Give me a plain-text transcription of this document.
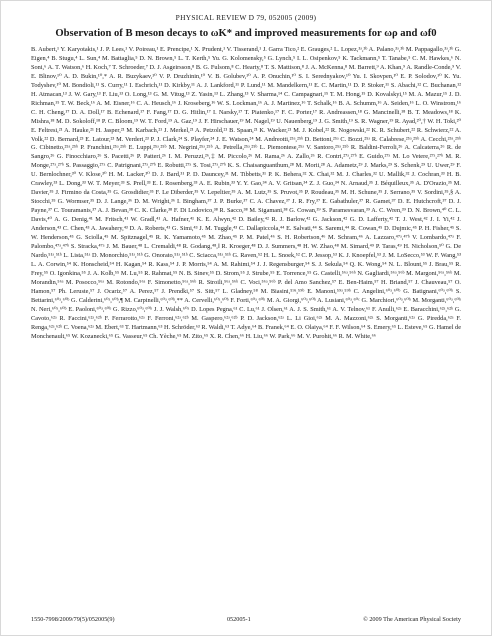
PHYSICAL REVIEW D 79, 052005 (2009)
Observation of B meson decays to ωK* and improved measurements for ωρ and ωf0
B. Aubert,¹ Y. Karyotakis,¹ J. P. Lees,¹ V. Poireau,¹ E. Prencipe,¹ X. Prudent,¹ V. Tisserand,¹ J. Garra Tico,² E. Grauges,² L. Lopez,³ᵃ,³ᵇ A. Palano,³ᵃ,³ᵇ M. Pappagallo,³ᵃ,³ᵇ G. Eigen,⁴ B. Stugu,⁴ L. Sun,⁴ M. Battaglia,⁵ D. N. Brown,⁵ L. T. Kerth,⁵ Yu. G. Kolomensky,⁵ G. Lynch,⁵ I. L. Osipenkov,⁵ K. Tackmann,⁵ T. Tanabe,⁵ C. M. Hawkes,⁶ N. Soni,⁶ A. T. Watson,⁶ H. Koch,⁷ T. Schroeder,⁷ D. J. Asgeirsson,⁸ B. G. Fulsom,⁸ C. Hearty,⁸ T. S. Mattison,⁸ J. A. McKenna,⁸ M. Barrett,⁹ A. Khan,⁹ A. Randle-Conde,⁹ V. E. Blinov,¹⁰ A. D. Bukin,¹⁰,* A. R. Buzykaev,¹⁰ V. P. Druzhinin,¹⁰ V. B. Golubev,¹⁰ A. P. Onuchin,¹⁰ S. I. Serednyakov,¹⁰ Yu. I. Skovpen,¹⁰ E. P. Solodov,¹⁰ K. Yu. Todyshev,¹⁰ M. Bondioli,¹¹ S. Curry,¹¹ I. Eschrich,¹¹ D. Kirkby,¹¹ A. J. Lankford,¹¹ P. Lund,¹¹ M. Mandelkern,¹¹ E. C. Martin,¹¹ D. P. Stoker,¹¹ S. Abachi,¹² C. Buchanan,¹² H. Atmacan,¹³ J. W. Gary,¹³ F. Liu,¹³ O. Long,¹³ G. M. Vitug,¹³ Z. Yasin,¹³ L. Zhang,¹³ V. Sharma,¹⁴ C. Campagnari,¹⁵ T. M. Hong,¹⁵ D. Kovalskyi,¹⁵ M. A. Mazur,¹⁵ J. D. Richman,¹⁵ T. W. Beck,¹⁶ A. M. Eisner,¹⁶ C. A. Heusch,¹⁶ J. Kroseberg,¹⁶ W. S. Lockman,¹⁶ A. J. Martinez,¹⁶ T. Schalk,¹⁶ B. A. Schumm,¹⁶ A. Seiden,¹⁶ L. O. Winstrom,¹⁶ C. H. Cheng,¹⁷ D. A. Doll,¹⁷ B. Echenard,¹⁷ F. Fang,¹⁷ D. G. Hitlin,¹⁷ I. Narsky,¹⁷ T. Piatenko,¹⁷ F. C. Porter,¹⁷ R. Andreassen,¹⁸ G. Mancinelli,¹⁸ B. T. Meadows,¹⁸ K. Mishra,¹⁸ M. D. Sokoloff,¹⁸ P. C. Bloom,¹⁹ W. T. Ford,¹⁹ A. Gaz,¹⁹ J. F. Hirschauer,¹⁹ M. Nagel,¹⁹ U. Nauenberg,¹⁹ J. G. Smith,¹⁹ S. R. Wagner,¹⁹ R. Ayad,²⁰,† W. H. Toki,²⁰ E. Feltresi,²¹ A. Hauke,²¹ H. Jasper,²¹ M. Karbach,²¹ J. Merkel,²¹ A. Petzold,²¹ B. Spaan,²¹ K. Wacker,²¹ M. J. Kobel,²² R. Nogowski,²² K. R. Schubert,²² R. Schwierz,²² A. Volk,²² D. Bernard,²³ E. Latour,²³ M. Verderi,²³ P. J. Clark,²⁴ S. Playfer,²⁴ J. E. Watson,²⁴ M. Andreotti,²⁵ᵃ,²⁵ᵇ D. Bettoni,²⁵ᵃ C. Bozzi,²⁵ᵃ R. Calabrese,²⁵ᵃ,²⁵ᵇ A. Cecchi,²⁵ᵃ,²⁵ᵇ G. Cibinetto,²⁵ᵃ,²⁵ᵇ P. Franchini,²⁵ᵃ,²⁵ᵇ E. Luppi,²⁵ᵃ,²⁵ᵇ M. Negrini,²⁵ᵃ,²⁵ᵇ A. Petrella,²⁵ᵃ,²⁵ᵇ L. Piemontese,²⁵ᵃ V. Santoro,²⁵ᵃ,²⁵ᵇ R. Baldini-Ferroli,²⁶ A. Calcaterra,²⁶ R. de Sangro,²⁶ G. Finocchiaro,²⁶ S. Pacetti,²⁶ P. Patteri,²⁶ I. M. Peruzzi,²⁶,‡ M. Piccolo,²⁶ M. Rama,²⁶ A. Zallo,²⁶ R. Contri,²⁷ᵃ,²⁷ᵇ E. Guido,²⁷ᵃ M. Lo Vetere,²⁷ᵃ,²⁷ᵇ M. R. Monge,²⁷ᵃ,²⁷ᵇ S. Passaggio,²⁷ᵃ C. Patrignani,²⁷ᵃ,²⁷ᵇ E. Robutti,²⁷ᵃ S. Tosi,²⁷ᵃ,²⁷ᵇ K. S. Chaisanguanthum,²⁸ M. Morii,²⁸ A. Adametz,²⁹ J. Marks,²⁹ S. Schenk,²⁹ U. Uwer,²⁹ F. U. Bernlochner,³⁰ V. Klose,³⁰ H. M. Lacker,³⁰ D. J. Bard,³¹ P. D. Dauncey,³¹ M. Tibbetts,³¹ P. K. Behera,³² X. Chai,³² M. J. Charles,³² U. Mallik,³² J. Cochran,³³ H. B. Crawley,³³ L. Dong,³³ W. T. Meyer,³³ S. Prell,³³ E. I. Rosenberg,³³ A. E. Rubin,³³ Y. Y. Gao,³⁴ A. V. Gritsan,³⁴ Z. J. Guo,³⁴ N. Arnaud,³⁵ J. Béquilleux,³⁵ A. D'Orazio,³⁵ M. Davier,³⁵ J. Firmino da Costa,³⁵ G. Grosdidier,³⁵ F. Le Diberder,³⁵ V. Lepeltier,³⁵ A. M. Lutz,³⁵ S. Pruvot,³⁵ P. Roudeau,³⁵ M. H. Schune,³⁵ J. Serrano,³⁵ V. Sordini,³⁵,§ A. Stocchi,³⁵ G. Wormser,³⁵ D. J. Lange,³⁶ D. M. Wright,³⁶ I. Bingham,³⁷ J. P. Burke,³⁷ C. A. Chavez,³⁷ J. R. Fry,³⁷ E. Gabathuler,³⁷ R. Gamet,³⁷ D. E. Hutchcroft,³⁷ D. J. Payne,³⁷ C. Touramanis,³⁷ A. J. Bevan,³⁸ C. K. Clarke,³⁸ F. Di Lodovico,³⁸ R. Sacco,³⁸ M. Sigamani,³⁸ G. Cowan,³⁹ S. Paramesvaran,³⁹ A. C. Wren,³⁹ D. N. Brown,⁴⁰ C. L. Davis,⁴⁰ A. G. Denig,⁴¹ M. Fritsch,⁴¹ W. Gradl,⁴¹ A. Hafner,⁴¹ K. E. Alwyn,⁴² D. Bailey,⁴² R. J. Barlow,⁴² G. Jackson,⁴² G. D. Lafferty,⁴² T. J. West,⁴² J. I. Yi,⁴² J. Anderson,⁴³ C. Chen,⁴³ A. Jawahery,⁴³ D. A. Roberts,⁴³ G. Simi,⁴³ J. M. Tuggle,⁴³ C. Dallapiccola,⁴⁴ E. Salvati,⁴⁴ S. Saremi,⁴⁴ R. Cowan,⁴⁵ D. Dujmic,⁴⁵ P. H. Fisher,⁴⁵ S. W. Henderson,⁴⁵ G. Sciolla,⁴⁵ M. Spitznagel,⁴⁵ R. K. Yamamoto,⁴⁵ M. Zhao,⁴⁵ P. M. Patel,⁴⁶ S. H. Robertson,⁴⁶ M. Schram,⁴⁶ A. Lazzaro,⁴⁷ᵃ,⁴⁷ᵇ V. Lombardo,⁴⁷ᵃ F. Palombo,⁴⁷ᵃ,⁴⁷ᵇ S. Stracka,⁴⁷ᵃ J. M. Bauer,⁴⁸ L. Cremaldi,⁴⁸ R. Godang,⁴⁸,‖ R. Kroeger,⁴⁸ D. J. Summers,⁴⁸ H. W. Zhao,⁴⁸ M. Simard,⁴⁹ P. Taras,⁴⁹ H. Nicholson,⁵⁰ G. De Nardo,⁵¹ᵃ,⁵¹ᵇ L. Lista,⁵¹ᵃ D. Monorchio,⁵¹ᵃ,⁵¹ᵇ G. Onorato,⁵¹ᵃ,⁵¹ᵇ C. Sciacca,⁵¹ᵃ,⁵¹ᵇ G. Raven,⁵² H. L. Snoek,⁵² C. P. Jessop,⁵³ K. J. Knoepfel,⁵³ J. M. LoSecco,⁵³ W. F. Wang,⁵³ L. A. Corwin,⁵⁴ K. Honscheid,⁵⁴ H. Kagan,⁵⁴ R. Kass,⁵⁴ J. P. Morris,⁵⁴ A. M. Rahimi,⁵⁴ J. J. Regensburger,⁵⁴ S. J. Sekula,⁵⁴ Q. K. Wong,⁵⁴ N. L. Blount,⁵⁵ J. Brau,⁵⁵ R. Frey,⁵⁵ O. Igonkina,⁵⁵ J. A. Kolb,⁵⁵ M. Lu,⁵⁵ R. Rahmat,⁵⁵ N. B. Sinev,⁵⁵ D. Strom,⁵⁵ J. Strube,⁵⁵ E. Torrence,⁵⁵ G. Castelli,⁵⁶ᵃ,⁵⁶ᵇ N. Gagliardi,⁵⁶ᵃ,⁵⁶ᵇ M. Margoni,⁵⁶ᵃ,⁵⁶ᵇ M. Morandin,⁵⁶ᵃ M. Posocco,⁵⁶ᵃ M. Rotondo,⁵⁶ᵃ F. Simonetto,⁵⁶ᵃ,⁵⁶ᵇ R. Stroili,⁵⁶ᵃ,⁵⁶ᵇ C. Voci,⁵⁶ᵃ,⁵⁶ᵇ P. del Amo Sanchez,⁵⁷ E. Ben-Haim,⁵⁷ H. Briand,⁵⁷ J. Chauveau,⁵⁷ O. Hamon,⁵⁷ Ph. Leruste,⁵⁷ J. Ocariz,⁵⁷ A. Perez,⁵⁷ J. Prendki,⁵⁷ S. Sitt,⁵⁷ L. Gladney,⁵⁸ M. Biasini,⁵⁹ᵃ,⁵⁹ᵇ E. Manoni,⁵⁹ᵃ,⁵⁹ᵇ C. Angelini,⁶⁰ᵃ,⁶⁰ᵇ G. Batignani,⁶⁰ᵃ,⁶⁰ᵇ S. Bettarini,⁶⁰ᵃ,⁶⁰ᵇ G. Calderini,⁶⁰ᵃ,⁶⁰ᵇ,¶ M. Carpinelli,⁶⁰ᵃ,⁶⁰ᵇ,** A. Cervelli,⁶⁰ᵃ,⁶⁰ᵇ F. Forti,⁶⁰ᵃ,⁶⁰ᵇ M. A. Giorgi,⁶⁰ᵃ,⁶⁰ᵇ A. Lusiani,⁶⁰ᵃ,⁶⁰ᶜ G. Marchiori,⁶⁰ᵃ,⁶⁰ᵇ M. Morganti,⁶⁰ᵃ,⁶⁰ᵇ N. Neri,⁶⁰ᵃ,⁶⁰ᵇ E. Paoloni,⁶⁰ᵃ,⁶⁰ᵇ G. Rizzo,⁶⁰ᵃ,⁶⁰ᵇ J. J. Walsh,⁶⁰ᵃ D. Lopes Pegna,⁶¹ C. Lu,⁶¹ J. Olsen,⁶¹ A. J. S. Smith,⁶¹ A. V. Telnov,⁶¹ F. Anulli,⁶²ᵃ E. Baracchini,⁶²ᵃ,⁶²ᵇ G. Cavoto,⁶²ᵃ R. Faccini,⁶²ᵃ,⁶²ᵇ F. Ferrarotto,⁶²ᵃ F. Ferroni,⁶²ᵃ,⁶²ᵇ M. Gaspero,⁶²ᵃ,⁶²ᵇ P. D. Jackson,⁶²ᵃ L. Li Gioi,⁶²ᵃ M. A. Mazzoni,⁶²ᵃ S. Morganti,⁶²ᵃ G. Piredda,⁶²ᵃ F. Renga,⁶²ᵃ,⁶²ᵇ C. Voena,⁶²ᵃ M. Ebert,⁶³ T. Hartmann,⁶³ H. Schröder,⁶³ R. Waldi,⁶³ T. Adye,⁶⁴ B. Franek,⁶⁴ E. O. Olaiya,⁶⁴ F. F. Wilson,⁶⁴ S. Emery,⁶⁵ L. Esteve,⁶⁵ G. Hamel de Monchenault,⁶⁵ W. Kozanecki,⁶⁵ G. Vasseur,⁶⁵ Ch. Yèche,⁶⁵ M. Zito,⁶⁵ X. R. Chen,⁶⁶ H. Liu,⁶⁶ W. Park,⁶⁶ M. V. Purohit,⁶⁶ R. M. White,⁶⁶
1550-7998/2009/79(5)/052005(9)	052005-1	© 2009 The American Physical Society
